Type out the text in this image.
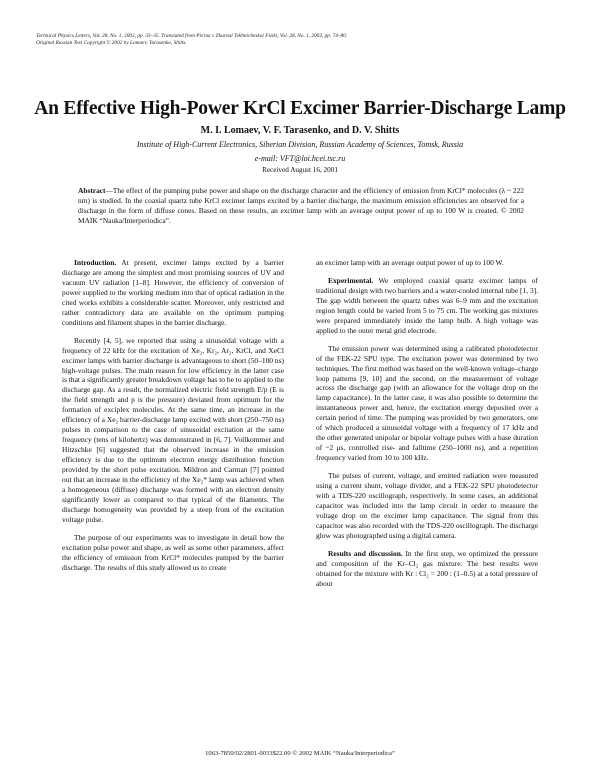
Technical Physics Letters, Vol. 28, No. 1, 2002, pp. 33–35. Translated from Pis'ma v Zhurnal Tekhnicheskoi Fiziki, Vol. 28, No. 1, 2002, pp. 74–80.
Original Russian Text Copyright © 2002 by Lomaev, Tarasenko, Shitts.
An Effective High-Power KrCl Excimer Barrier-Discharge Lamp
M. I. Lomaev, V. F. Tarasenko, and D. V. Shitts
Institute of High-Current Electronics, Siberian Division, Russian Academy of Sciences, Tomsk, Russia
e-mail: VFT@loi.hcei.tsc.ru
Received August 16, 2001
Abstract—The effect of the pumping pulse power and shape on the discharge character and the efficiency of emission from KrCl* molecules (λ ~ 222 nm) is studied. In the coaxial quartz tube KrCl excimer lamps excited by a barrier discharge, the maximum emission efficiencies are observed for a discharge in the form of diffuse cones. Based on these results, an excimer lamp with an average output power of up to 100 W is created. © 2002 MAIK “Nauka/Interperiodica”.

Introduction. At present, excimer lamps excited by a barrier discharge are among the simplest and most promising sources of UV and vacuum UV radiation [1–8]. However, the efficiency of conversion of power supplied to the working medium into that of optical radiation in the cited works exhibits a considerable scatter. Moreover, only restricted and rather contradictory data are available on the optimum pumping conditions and filament shapes in the barrier discharge.

Recently [4, 5], we reported that using a sinusoidal voltage with a frequency of 22 kHz for the excitation of Xe₂, Kr₂, Ar₂, KrCl, and XeCl excimer lamps with barrier discharge is advantageous to short (50–100 ns) high-voltage pulses. The main reason for low efficiency in the latter case is that a significantly greater breakdown voltage has to be to applied to the discharge gap. As a result, the normalized electric field strength E/p (E is the field strength and p is the pressure) deviated from optimum for the formation of exciplex molecules. At the same time, an increase in the efficiency of a Xe₂ barrier-discharge lamp excited with short (250–750 ns) pulses in comparison to the case of sinusoidal excitation at the same frequency (tens of kilohertz) was demonstrated in [6, 7]. Vollkommer and Hitzschke [6] suggested that the observed increase in the emission efficiency is due to the optimum electron energy distribution function provided by the short pulse excitation. Mildron and Carman [7] pointed out that an increase in the efficiency of the Xe₂* lamp was achieved when a homogeneous (diffuse) discharge was formed with an electron density significantly lower as compared to that typical of the filaments. The discharge homogeneity was provided by a steep front of the excitation voltage pulse.

The purpose of our experiments was to investigate in detail how the excitation pulse power and shape, as well as some other parameters, affect the efficiency of emission from KrCl* molecules pumped by the barrier discharge. The results of this study allowed us to create

an excimer lamp with an average output power of up to 100 W.

Experimental. We employed coaxial quartz excimer lamps of traditional design with two barriers and a water-cooled internal tube [1, 3]. The gap width between the quartz tubes was 6–9 mm and the excitation region length could be varied from 5 to 75 cm. The working gas mixtures were prepared immediately inside the lamp bulb. A high voltage was applied to the outer metal grid electrode.

The emission power was determined using a calibrated photodetector of the FEK-22 SPU type. The excitation power was determined by two techniques. The first method was based on the well-known voltage–charge loop patterns [9, 10] and the second, on the measurement of voltage across the discharge gap (with an allowance for the voltage drop on the lamp capacitance). In the latter case, it was also possible to determine the instantaneous power and, hence, the excitation energy deposited over a certain period of time. The pumping was provided by two generators, one of which produced a sinusoidal voltage with a frequency of 17 kHz and the other generated unipolar or bipolar voltage pulses with a base duration of ~2 μs, controlled rise- and falltime (250–1000 ns), and a repetition frequency varied from 10 to 100 kHz.

The pulses of current, voltage, and emitted radiation were measured using a current shunt, voltage divider, and a FEK-22 SPU photodetector with a TDS-220 oscillograph, respectively. In some cases, an additional capacitor was included into the lamp circuit in order to measure the voltage drop on the excimer lamp capacitance. The signal from this capacitor was also recorded with the TDS-220 oscillograph. The discharge glow was photographed using a digital camera.

Results and discussion. In the first step, we optimized the pressure and composition of the Kr–Cl₂ gas mixture. The best results were obtained for the mixture with Kr : Cl₂ = 200 : (1–0.5) at a total pressure of about

1063-7850/02/2801-0033$22.00 © 2002 MAIK “Nauka/Interperiodica”
